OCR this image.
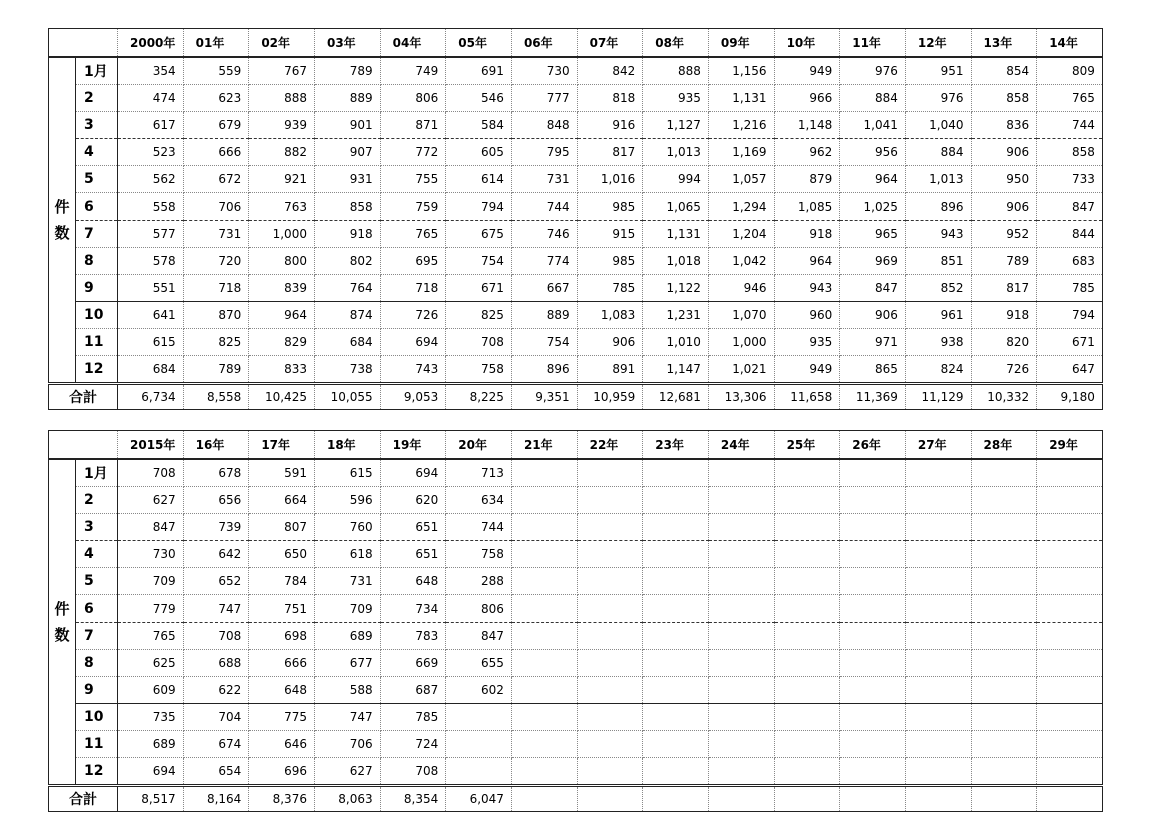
		2000年	01年	02年	03年	04年	05年	06年	07年	08年	09年	10年	11年	12年	13年	14年

件
数	1月	354	559	767	789	749	691	730	842	888	1,156	949	976	951	854	809
	2	474	623	888	889	806	546	777	818	935	1,131	966	884	976	858	765
	3	617	679	939	901	871	584	848	916	1,127	1,216	1,148	1,041	1,040	836	744
	4	523	666	882	907	772	605	795	817	1,013	1,169	962	956	884	906	858
	5	562	672	921	931	755	614	731	1,016	994	1,057	879	964	1,013	950	733
	6	558	706	763	858	759	794	744	985	1,065	1,294	1,085	1,025	896	906	847
	7	577	731	1,000	918	765	675	746	915	1,131	1,204	918	965	943	952	844
	8	578	720	800	802	695	754	774	985	1,018	1,042	964	969	851	789	683
	9	551	718	839	764	718	671	667	785	1,122	946	943	847	852	817	785
	10	641	870	964	874	726	825	889	1,083	1,231	1,070	960	906	961	918	794
	11	615	825	829	684	694	708	754	906	1,010	1,000	935	971	938	820	671
	12	684	789	833	738	743	758	896	891	1,147	1,021	949	865	824	726	647
合計		6,734	8,558	10,425	10,055	9,053	8,225	9,351	10,959	12,681	13,306	11,658	11,369	11,129	10,332	9,180
		2015年	16年	17年	18年	19年	20年	21年	22年	23年	24年	25年	26年	27年	28年	29年

件
数	1月	708	678	591	615	694	713									
	2	627	656	664	596	620	634									
	3	847	739	807	760	651	744									
	4	730	642	650	618	651	758									
	5	709	652	784	731	648	288									
	6	779	747	751	709	734	806									
	7	765	708	698	689	783	847									
	8	625	688	666	677	669	655									
	9	609	622	648	588	687	602									
	10	735	704	775	747	785										
	11	689	674	646	706	724										
	12	694	654	696	627	708										
合計		8,517	8,164	8,376	8,063	8,354	6,047									
